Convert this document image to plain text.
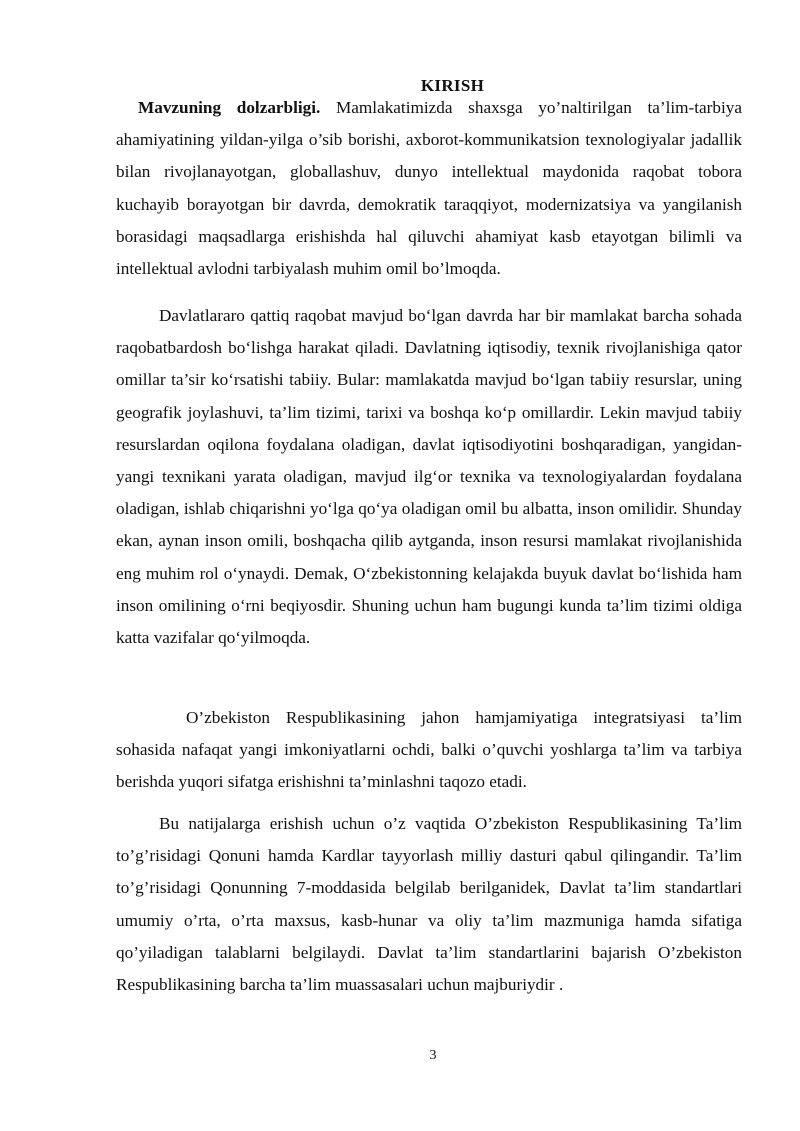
KIRISH

Mavzuning dolzarbligi. Mamlakatimizda shaxsga yo’naltirilgan ta’lim-tarbiya ahamiyatining yildan-yilga o’sib borishi, axborot-kommunikatsion texnologiyalar jadallik bilan rivojlanayotgan, globallashuv, dunyo intellektual maydonida raqobat tobora kuchayib borayotgan bir davrda, demokratik taraqqiyot, modernizatsiya va yangilanish borasidagi maqsadlarga erishishda hal qiluvchi ahamiyat kasb etayotgan bilimli va intellektual avlodni tarbiyalash muhim omil bo’lmoqda.

Davlatlararo qattiq raqobat mavjud bo‘lgan davrda har bir mamlakat barcha sohada raqobatbardosh bo‘lishga harakat qiladi. Davlatning iqtisodiy, texnik rivojlanishiga qator omillar ta’sir ko‘rsatishi tabiiy. Bular: mamlakatda mavjud bo‘lgan tabiiy resurslar, uning geografik joylashuvi, ta’lim tizimi, tarixi va boshqa ko‘p omillardir. Lekin mavjud tabiiy resurslardan oqilona foydalana oladigan, davlat iqtisodiyotini boshqaradigan, yangidan-yangi texnikani yarata oladigan, mavjud ilg‘or texnika va texnologiyalardan foydalana oladigan, ishlab chiqarishni yo‘lga qo‘ya oladigan omil bu albatta, inson omilidir. Shunday ekan, aynan inson omili, boshqacha qilib aytganda, inson resursi mamlakat rivojlanishida eng muhim rol o‘ynaydi. Demak, O‘zbekistonning kelajakda buyuk davlat bo‘lishida ham inson omilining o‘rni beqiyosdir. Shuning uchun ham bugungi kunda ta’lim tizimi oldiga katta vazifalar qo‘yilmoqda.

O’zbekiston Respublikasining jahon hamjamiyatiga integratsiyasi ta’lim sohasida nafaqat yangi imkoniyatlarni ochdi, balki o’quvchi yoshlarga ta’lim va tarbiya berishda yuqori sifatga erishishni ta’minlashni taqozo etadi.

Bu natijalarga erishish uchun o’z vaqtida O’zbekiston Respublikasining Ta’lim to’g’risidagi Qonuni hamda Kardlar tayyorlash milliy dasturi qabul qilingandir. Ta’lim to’g’risidagi Qonunning 7-moddasida belgilab berilganidek, Davlat ta’lim standartlari umumiy o’rta, o’rta maxsus, kasb-hunar va oliy ta’lim mazmuniga hamda sifatiga qo’yiladigan talablarni belgilaydi. Davlat ta’lim standartlarini bajarish O’zbekiston Respublikasining barcha ta’lim muassasalari uchun majburiydir .

3
